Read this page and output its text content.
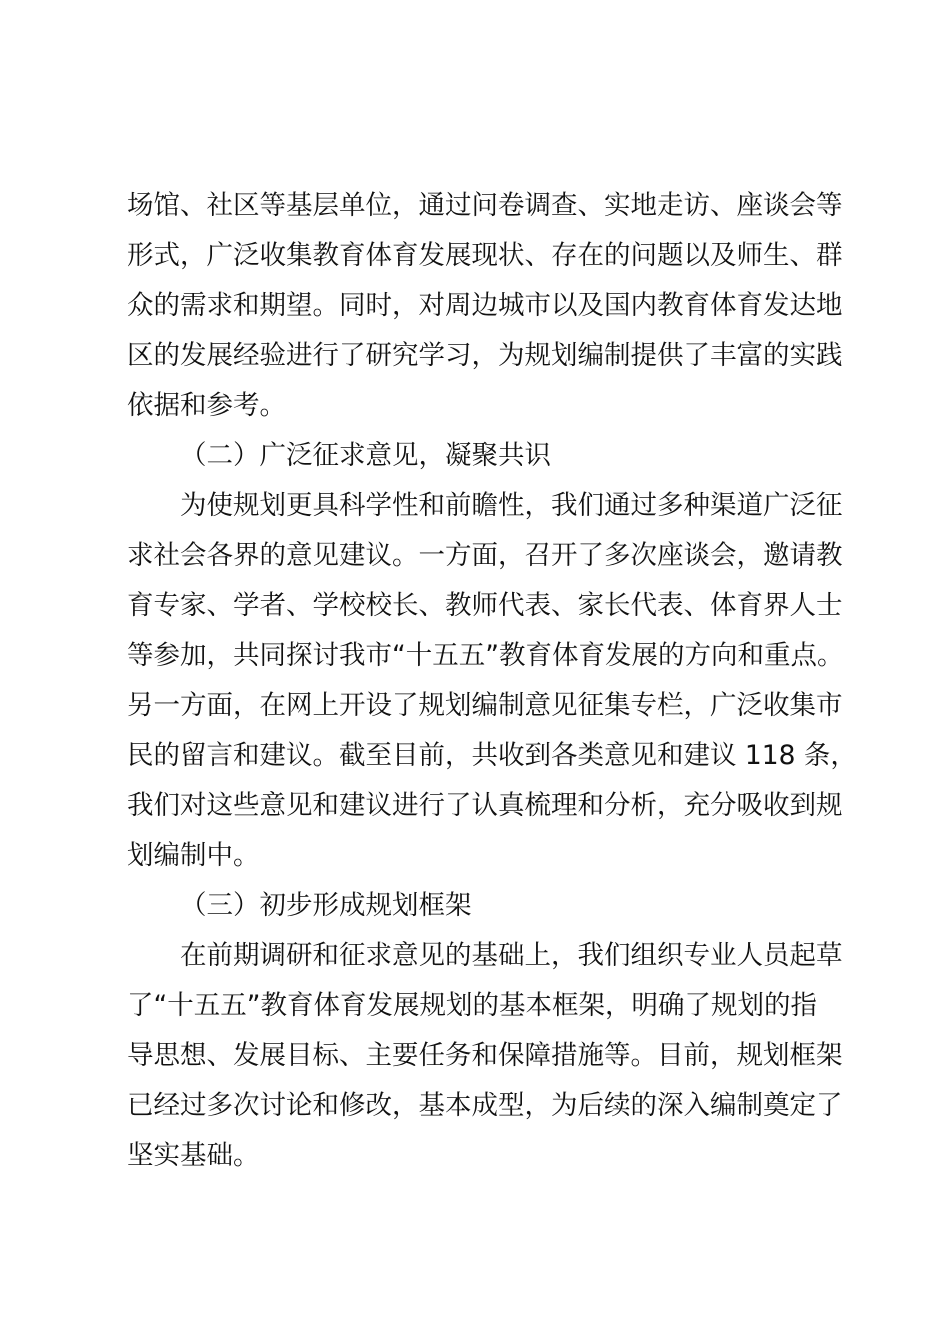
场馆、社区等基层单位，通过问卷调查、实地走访、座谈会等
形式，广泛收集教育体育发展现状、存在的问题以及师生、群
众的需求和期望。同时，对周边城市以及国内教育体育发达地
区的发展经验进行了研究学习，为规划编制提供了丰富的实践
依据和参考。
（二）广泛征求意见，凝聚共识
为使规划更具科学性和前瞻性，我们通过多种渠道广泛征
求社会各界的意见建议。一方面，召开了多次座谈会，邀请教
育专家、学者、学校校长、教师代表、家长代表、体育界人士
等参加，共同探讨我市“十五五”教育体育发展的方向和重点。
另一方面，在网上开设了规划编制意见征集专栏，广泛收集市
民的留言和建议。截至目前，共收到各类意见和建议 118 条，
我们对这些意见和建议进行了认真梳理和分析，充分吸收到规
划编制中。
（三）初步形成规划框架
在前期调研和征求意见的基础上，我们组织专业人员起草
了“十五五”教育体育发展规划的基本框架，明确了规划的指
导思想、发展目标、主要任务和保障措施等。目前，规划框架
已经过多次讨论和修改，基本成型，为后续的深入编制奠定了
坚实基础。
